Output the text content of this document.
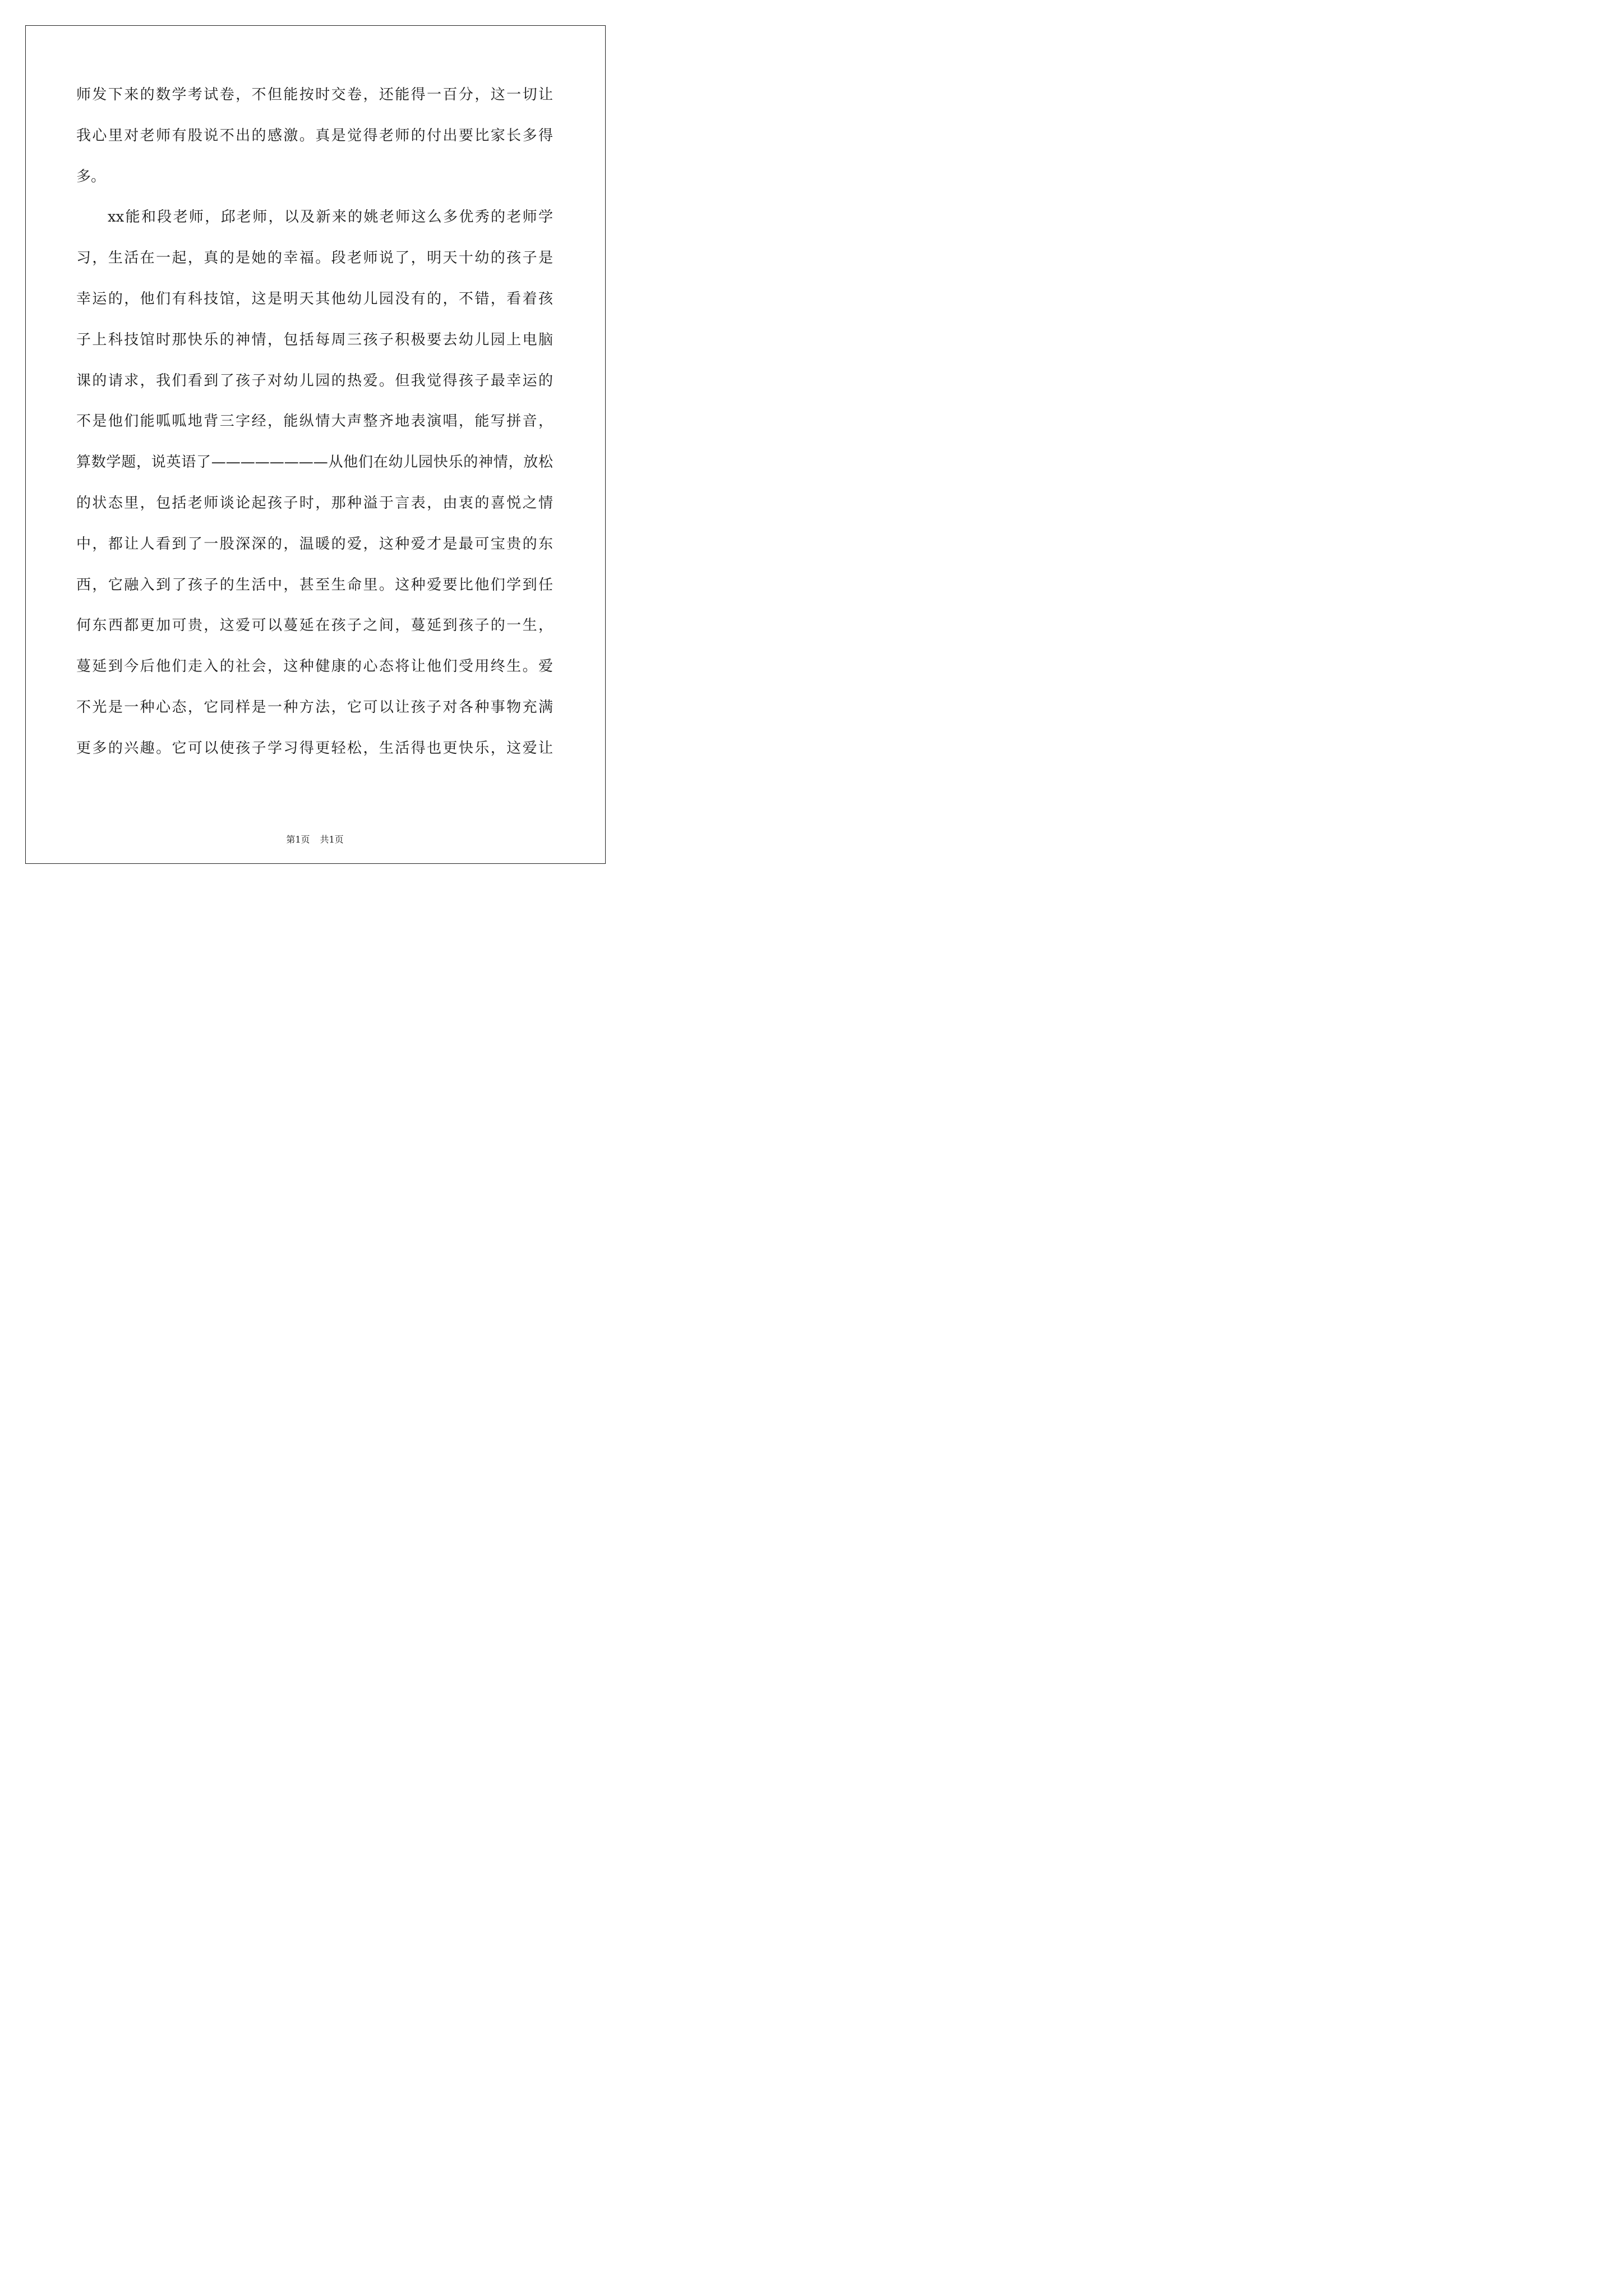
师发下来的数学考试卷，不但能按时交卷，还能得一百分，这一切让
我心里对老师有股说不出的感激。真是觉得老师的付出要比家长多得
多。
xx能和段老师，邱老师，以及新来的姚老师这么多优秀的老师学
习，生活在一起，真的是她的幸福。段老师说了，明天十幼的孩子是
幸运的，他们有科技馆，这是明天其他幼儿园没有的，不错，看着孩
子上科技馆时那快乐的神情，包括每周三孩子积极要去幼儿园上电脑
课的请求，我们看到了孩子对幼儿园的热爱。但我觉得孩子最幸运的
不是他们能呱呱地背三字经，能纵情大声整齐地表演唱，能写拼音，
算数学题，说英语了————————从他们在幼儿园快乐的神情，放松
的状态里，包括老师谈论起孩子时，那种溢于言表，由衷的喜悦之情
中，都让人看到了一股深深的，温暖的爱，这种爱才是最可宝贵的东
西，它融入到了孩子的生活中，甚至生命里。这种爱要比他们学到任
何东西都更加可贵，这爱可以蔓延在孩子之间，蔓延到孩子的一生，
蔓延到今后他们走入的社会，这种健康的心态将让他们受用终生。爱
不光是一种心态，它同样是一种方法，它可以让孩子对各种事物充满
更多的兴趣。它可以使孩子学习得更轻松，生活得也更快乐，这爱让
第1页 共1页
